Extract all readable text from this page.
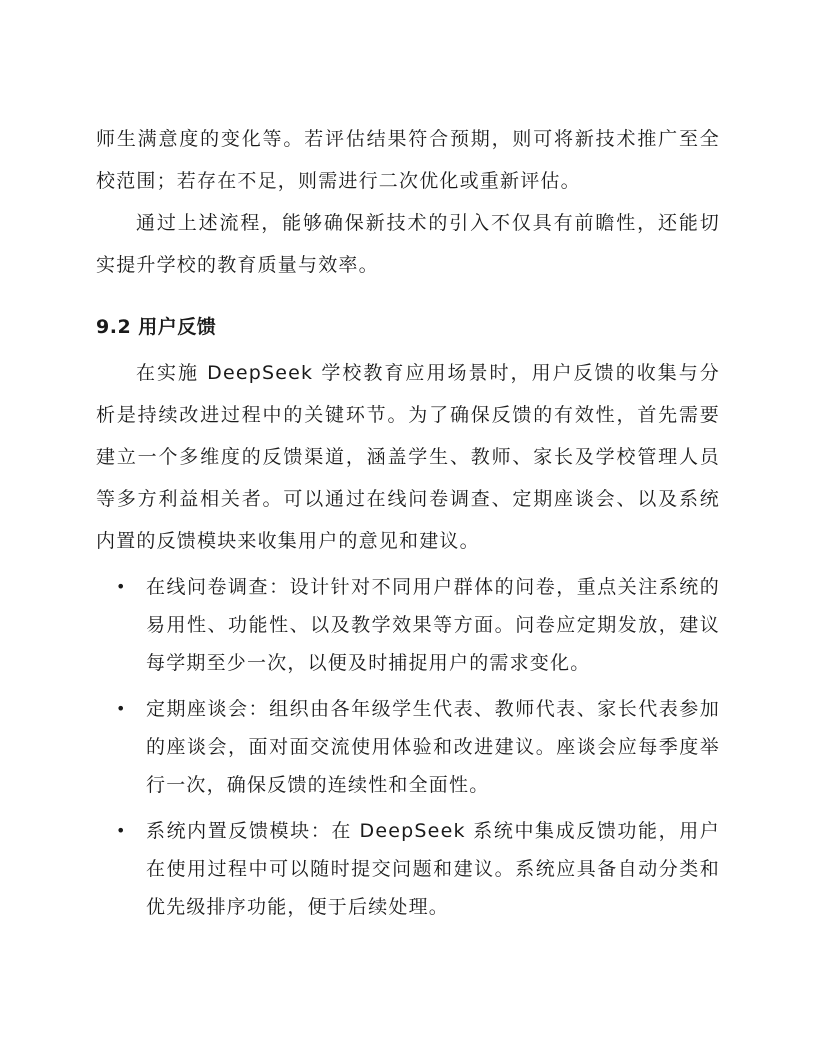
师生满意度的变化等。若评估结果符合预期，则可将新技术推广至全校范围；若存在不足，则需进行二次优化或重新评估。

通过上述流程，能够确保新技术的引入不仅具有前瞻性，还能切实提升学校的教育质量与效率。

9.2 用户反馈

在实施 DeepSeek 学校教育应用场景时，用户反馈的收集与分析是持续改进过程中的关键环节。为了确保反馈的有效性，首先需要建立一个多维度的反馈渠道，涵盖学生、教师、家长及学校管理人员等多方利益相关者。可以通过在线问卷调查、定期座谈会、以及系统内置的反馈模块来收集用户的意见和建议。

• 在线问卷调查：设计针对不同用户群体的问卷，重点关注系统的易用性、功能性、以及教学效果等方面。问卷应定期发放，建议每学期至少一次，以便及时捕捉用户的需求变化。
• 定期座谈会：组织由各年级学生代表、教师代表、家长代表参加的座谈会，面对面交流使用体验和改进建议。座谈会应每季度举行一次，确保反馈的连续性和全面性。
• 系统内置反馈模块：在 DeepSeek 系统中集成反馈功能，用户在使用过程中可以随时提交问题和建议。系统应具备自动分类和优先级排序功能，便于后续处理。
